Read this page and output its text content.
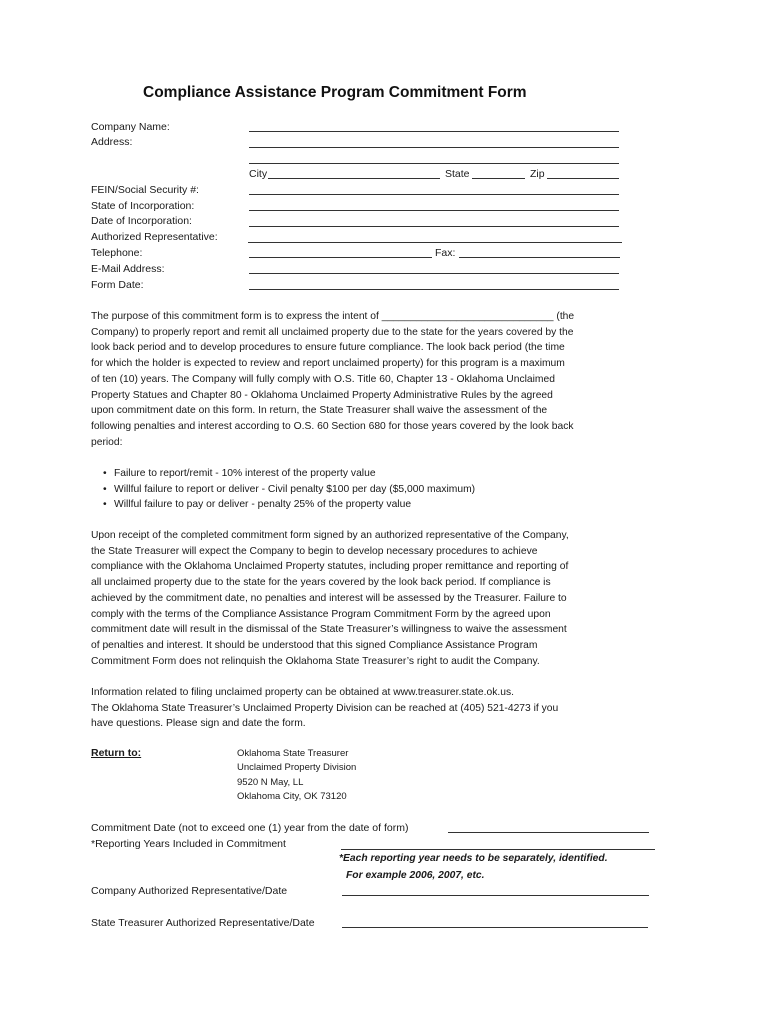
Compliance Assistance Program Commitment Form
Company Name:
Address:
City	State	Zip
FEIN/Social Security #:
State of Incorporation:
Date of Incorporation:
Authorized Representative:
Telephone:	Fax:
E-Mail Address:
Form Date:
The purpose of this commitment form is to express the intent of ______________________________ (the
Company) to properly report and remit all unclaimed property due to the state for the years covered by the
look back period and to develop procedures to ensure future compliance. The look back period (the time
for which the holder is expected to review and report unclaimed property) for this program is a maximum
of ten (10) years. The Company will fully comply with O.S. Title 60, Chapter 13 - Oklahoma Unclaimed
Property Statues and Chapter 80 - Oklahoma Unclaimed Property Administrative Rules by the agreed
upon commitment date on this form. In return, the State Treasurer shall waive the assessment of the
following penalties and interest according to O.S. 60 Section 680 for those years covered by the look back
period:
• Failure to report/remit - 10% interest of the property value
• Willful failure to report or deliver - Civil penalty $100 per day ($5,000 maximum)
• Willful failure to pay or deliver - penalty 25% of the property value
Upon receipt of the completed commitment form signed by an authorized representative of the Company,
the State Treasurer will expect the Company to begin to develop necessary procedures to achieve
compliance with the Oklahoma Unclaimed Property statutes, including proper remittance and reporting of
all unclaimed property due to the state for the years covered by the look back period. If compliance is
achieved by the commitment date, no penalties and interest will be assessed by the Treasurer. Failure to
comply with the terms of the Compliance Assistance Program Commitment Form by the agreed upon
commitment date will result in the dismissal of the State Treasurer’s willingness to waive the assessment
of penalties and interest. It should be understood that this signed Compliance Assistance Program
Commitment Form does not relinquish the Oklahoma State Treasurer’s right to audit the Company.
Information related to filing unclaimed property can be obtained at www.treasurer.state.ok.us.
The Oklahoma State Treasurer’s Unclaimed Property Division can be reached at (405) 521-4273 if you
have questions. Please sign and date the form.
Return to:	Oklahoma State Treasurer
Unclaimed Property Division
9520 N May, LL
Oklahoma City, OK 73120
Commitment Date (not to exceed one (1) year from the date of form)
*Reporting Years Included in Commitment
*Each reporting year needs to be separately, identified.
For example 2006, 2007, etc.
Company Authorized Representative/Date
State Treasurer Authorized Representative/Date
